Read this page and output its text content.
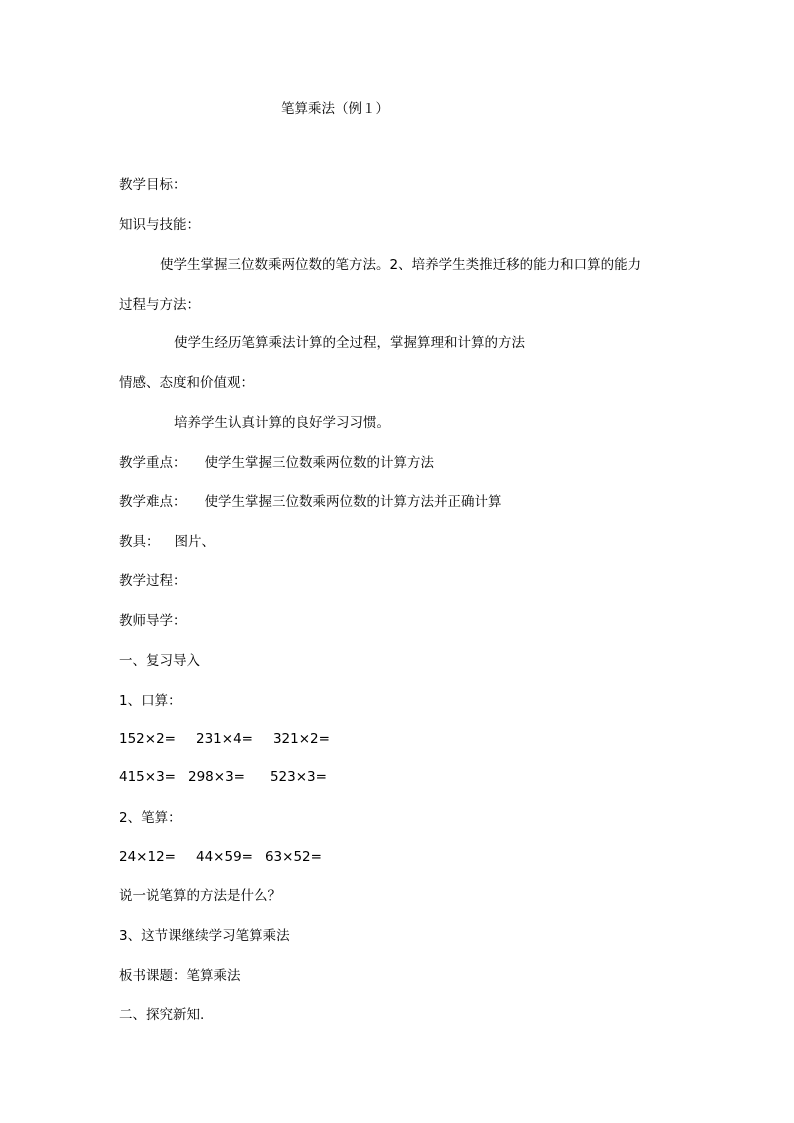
笔算乘法（例１）
教学目标：
知识与技能：
使学生掌握三位数乘两位数的笔方法。2、培养学生类推迁移的能力和口算的能力
过程与方法：
使学生经历笔算乘法计算的全过程，掌握算理和计算的方法
情感、态度和价值观：
培养学生认真计算的良好学习习惯。
教学重点： 使学生掌握三位数乘两位数的计算方法
教学难点： 使学生掌握三位数乘两位数的计算方法并正确计算
教具： 图片、
教学过程：
教师导学：
一、复习导入
1、口算：
152×2= 231×4= 321×2=
415×3= 298×3= 523×3=
2、笔算：
24×12= 44×59= 63×52=
说一说笔算的方法是什么？
3、这节课继续学习笔算乘法
板书课题：笔算乘法
二、探究新知.
